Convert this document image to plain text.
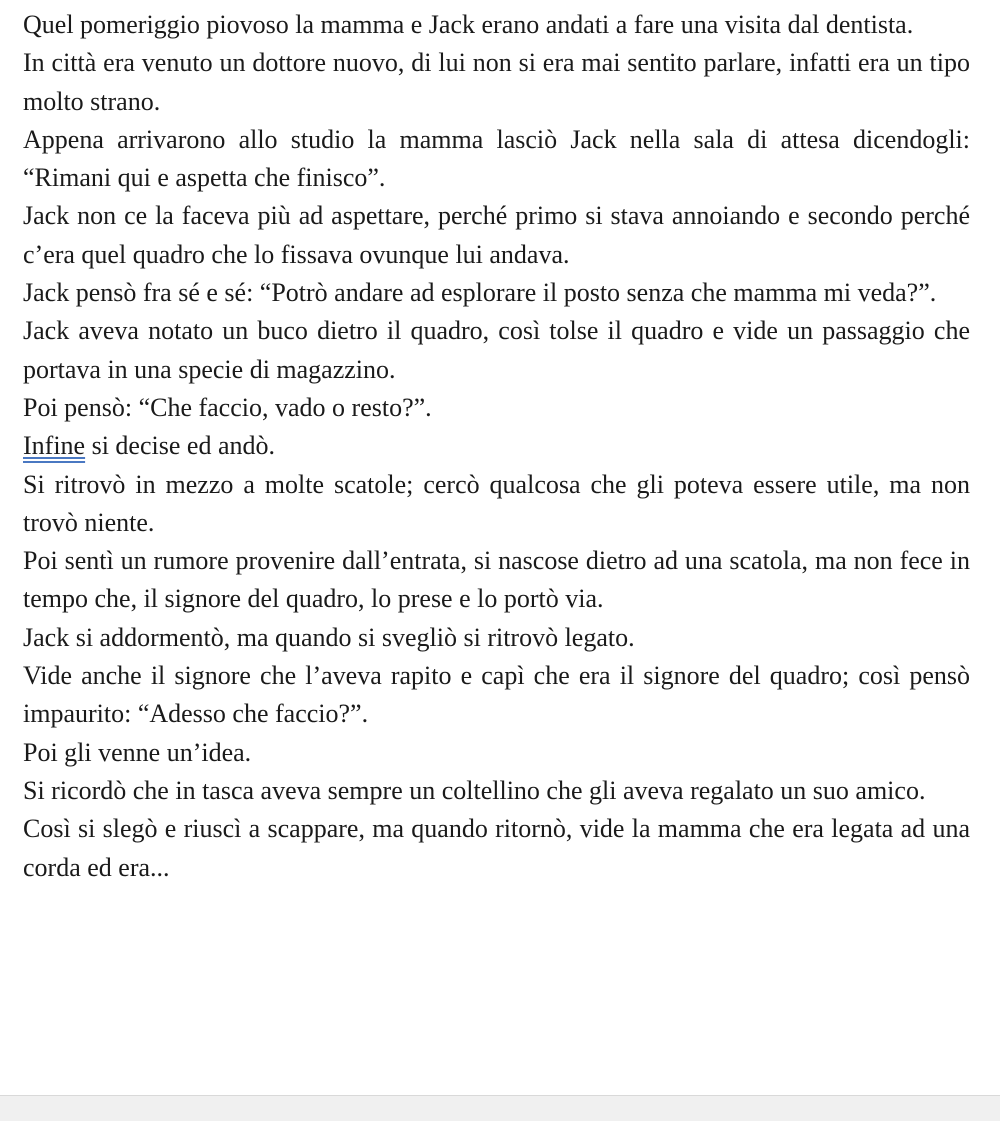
Quel pomeriggio piovoso la mamma e Jack erano andati a fare una visita dal dentista.

In città era venuto un dottore nuovo, di lui non si era mai sentito parlare, infatti era un tipo molto strano.

Appena arrivarono allo studio la mamma lasciò Jack nella sala di attesa dicendogli: “Rimani qui e aspetta che finisco”.

Jack non ce la faceva più ad aspettare, perché primo si stava annoiando e secondo perché c’era quel quadro che lo fissava ovunque lui andava.

Jack pensò fra sé e sé: “Potrò andare ad esplorare il posto senza che mamma mi veda?”.

Jack aveva notato un buco dietro il quadro, così tolse il quadro e vide un passaggio che portava in una specie di magazzino.

Poi pensò: “Che faccio, vado o resto?”.

Infine si decise ed andò.

Si ritrovò in mezzo a molte scatole; cercò qualcosa che gli poteva essere utile, ma non trovò niente.

Poi sentì un rumore provenire dall’entrata, si nascose dietro ad una scatola, ma non fece in tempo che, il signore del quadro, lo prese e lo portò via.

Jack si addormentò, ma quando si svegliò si ritrovò legato.

Vide anche il signore che l’aveva rapito e capì che era il signore del quadro; così pensò impaurito: “Adesso che faccio?”.

Poi gli venne un’idea.

Si ricordò che in tasca aveva sempre un coltellino che gli aveva regalato un suo amico.

Così si slegò e riuscì a scappare, ma quando ritornò, vide la mamma che era legata ad una corda ed era...
